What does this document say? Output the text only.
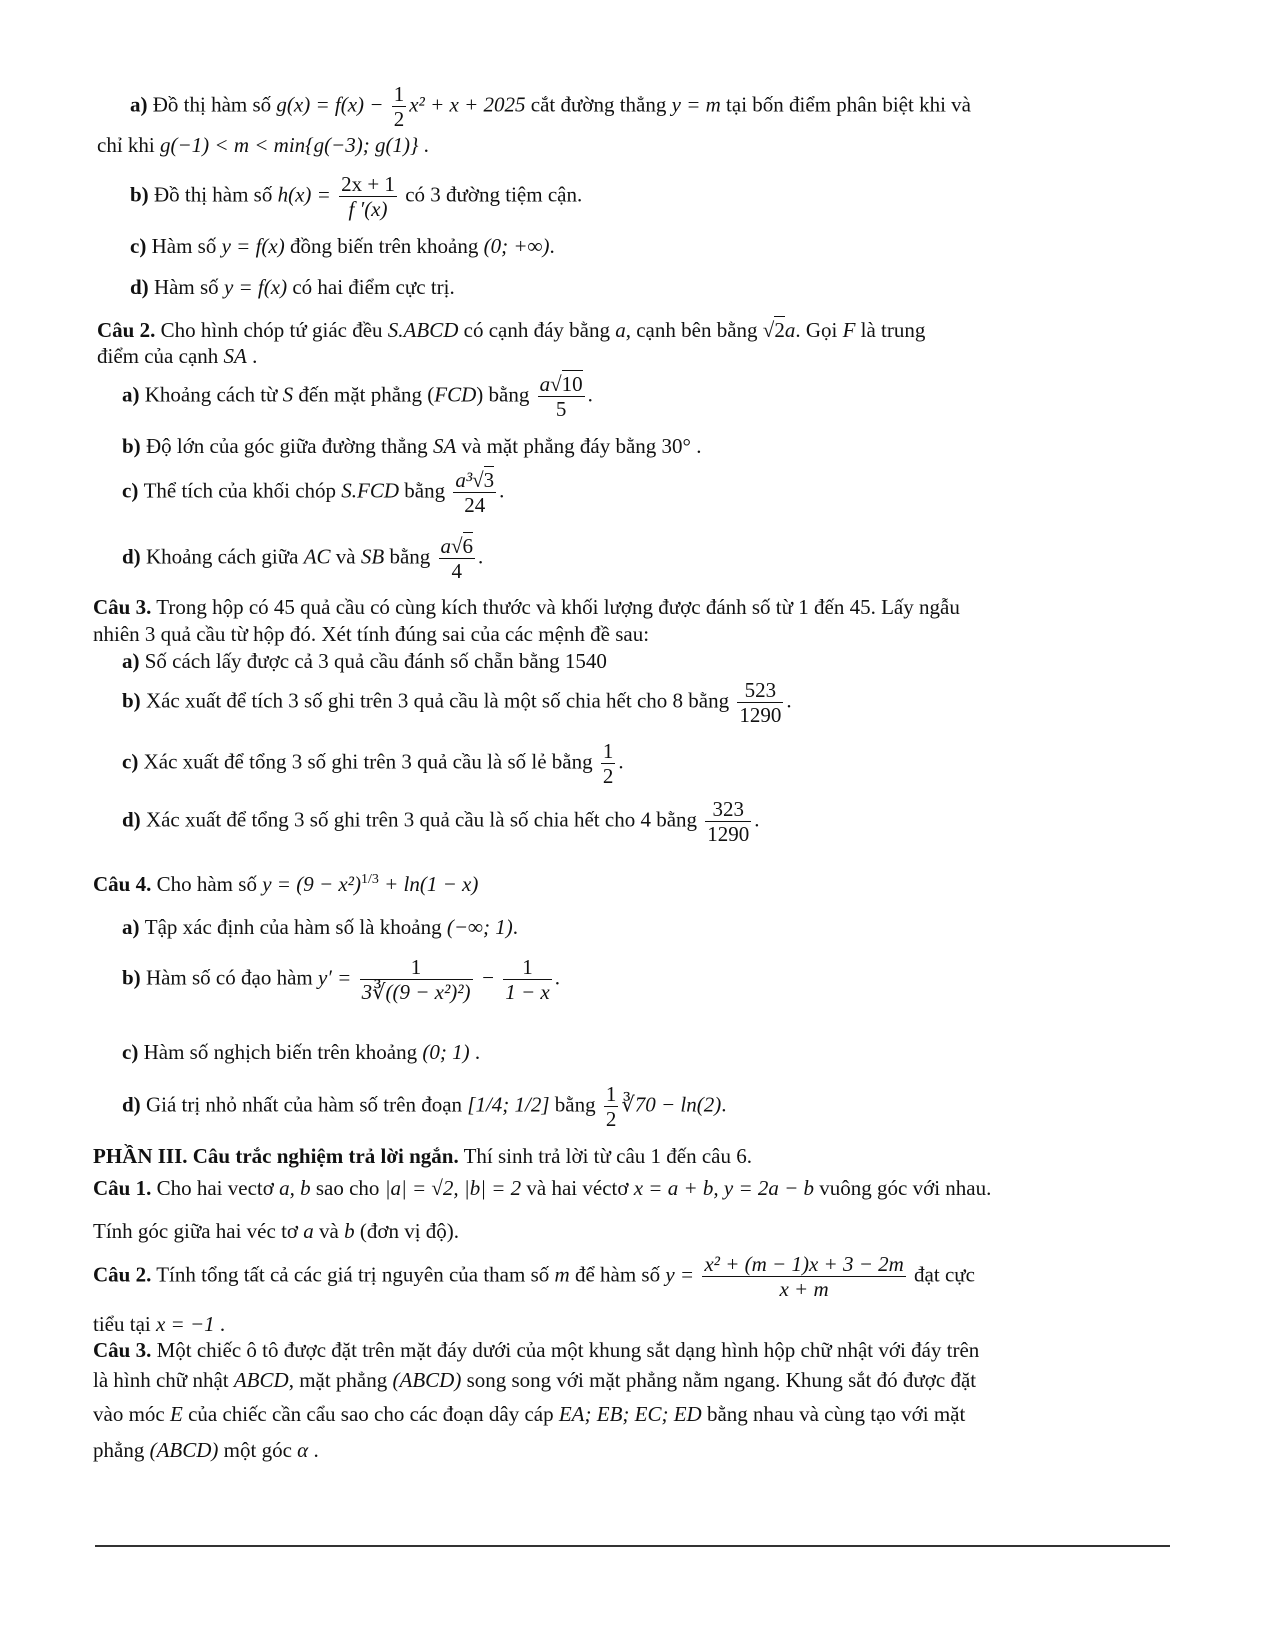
a) Đồ thị hàm số $g(x) = f(x) - \frac{1}{2} x^2 + x + 2025$ cắt đường thẳng y = m tại bốn điểm phân biệt khi và
chỉ khi g(−1) < m < min{g(−3); g(1)} .
b) Đồ thị hàm số $h(x) = \frac{2x + 1}{f '(x)}$ có 3 đường tiệm cận.
c) Hàm số y = f(x) đồng biến trên khoảng (0; +∞).
d) Hàm số y = f(x) có hai điểm cực trị.
Câu 2. Cho hình chóp tứ giác đều S.ABCD có cạnh đáy bằng a, cạnh bên bằng √2a. Gọi F là trung
điểm của cạnh SA .
a) Khoảng cách từ S đến mặt phẳng (FCD) bằng $\frac{a√10}{5}$ .
b) Độ lớn của góc giữa đường thẳng SA và mặt phẳng đáy bằng 30° .
c) Thể tích của khối chóp S.FCD bằng $\frac{\text{a³√3}}{24}$ .
d) Khoảng cách giữa AC và SB bằng $\frac{a√6}{4}$ .
Câu 3. Trong hộp có 45 quả cầu có cùng kích thước và khối lượng được đánh số từ 1 đến 45. Lấy ngẫu
nhiên 3 quả cầu từ hộp đó. Xét tính đúng sai của các mệnh đề sau:
a) Số cách lấy được cả 3 quả cầu đánh số chẵn bằng 1540
b) Xác xuất để tích 3 số ghi trên 3 quả cầu là một số chia hết cho 8 bằng $\frac{523}{1290}$ .
c) Xác xuất để tổng 3 số ghi trên 3 quả cầu là số lẻ bằng $\frac{1}{2}$ .
d) Xác xuất để tổng 3 số ghi trên 3 quả cầu là số chia hết cho 4 bằng $\frac{323}{1290}$ .
Câu 4. Cho hàm số $y = (9 - x^2)^{1/3} + \ln(1 - x)$
a) Tập xác định của hàm số là khoảng (−∞; 1).
b) Hàm số có đạo hàm $y' = \frac{1}{\text{3∛((9 − x²)²)}} - \frac{1}{1 - x}$ .
c) Hàm số nghịch biến trên khoảng (0; 1) .
d) Giá trị nhỏ nhất của hàm số trên đoạn [1/4; 1/2] bằng $\frac{1}{2}$ ∛70 − ln(2).
PHẦN III. Câu trắc nghiệm trả lời ngắn. Thí sinh trả lời từ câu 1 đến câu 6.
Câu 1. Cho hai vectơ a, b sao cho |a| = √2, |b| = 2 và hai véctơ x = a + b, y = 2a − b vuông góc với nhau.
Tính góc giữa hai véc tơ a và b (đơn vị độ).
Câu 2. Tính tổng tất cả các giá trị nguyên của tham số m để hàm số $y = \frac{\text{x² + (m − 1)x + 3 − 2m}}{x + m}$ đạt cực
tiểu tại x = −1 .
Câu 3. Một chiếc ô tô được đặt trên mặt đáy dưới của một khung sắt dạng hình hộp chữ nhật với đáy trên
là hình chữ nhật ABCD, mặt phẳng (ABCD) song song với mặt phẳng nằm ngang. Khung sắt đó được đặt
vào móc E của chiếc cần cẩu sao cho các đoạn dây cáp EA; EB; EC; ED bằng nhau và cùng tạo với mặt
phẳng (ABCD) một góc α .
